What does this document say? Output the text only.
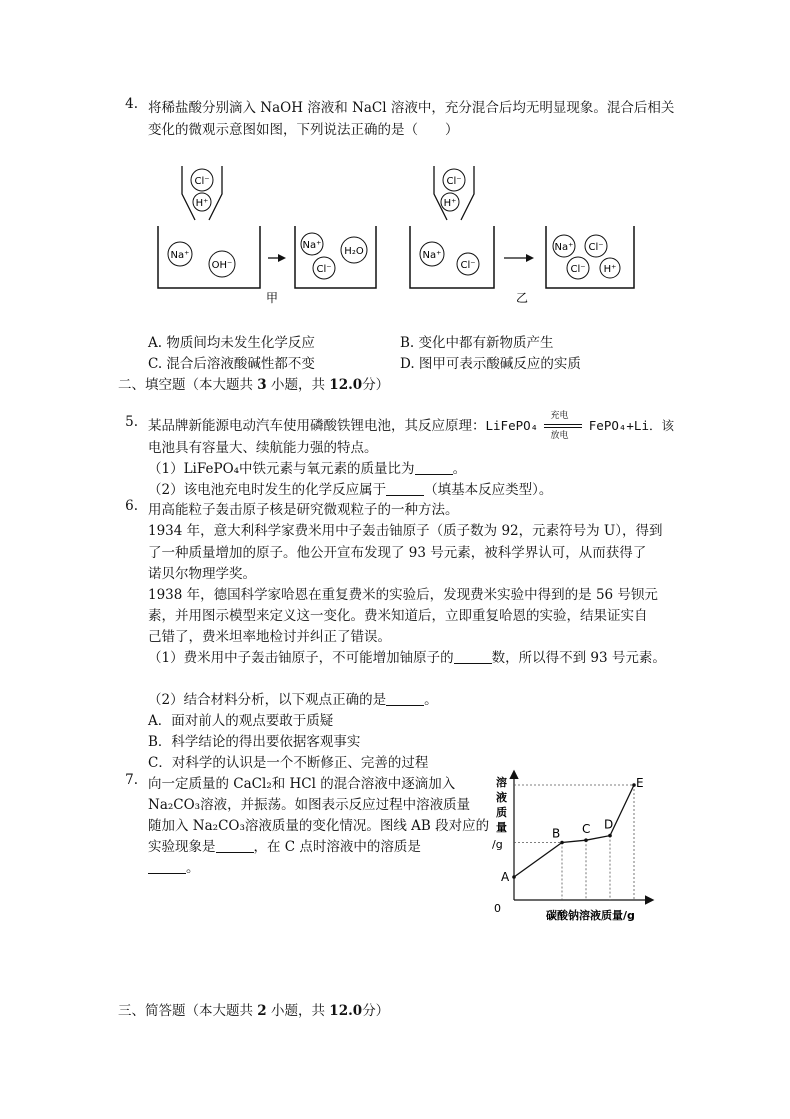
4. 将稀盐酸分别滴入 NaOH 溶液和 NaCl 溶液中，充分混合后均无明显现象。混合后相关
变化的微观示意图如图，下列说法正确的是（　　）
Cl⁻
H⁺
Na⁺
OH⁻
Na⁺
H₂O
Cl⁻
甲
Cl⁻
H⁺
Na⁺
Cl⁻
Na⁺ Cl⁻
Cl⁻ H⁺
乙
A. 物质间均未发生化学反应	B. 变化中都有新物质产生
C. 混合后溶液酸碱性都不变	D. 图甲可表示酸碱反应的实质
二、填空题（本大题共 3 小题，共 12.0分）
5. 某品牌新能源电动汽车使用磷酸铁锂电池，其反应原理：LiFePO₄
充电
放电
FePO₄+Li．该
电池具有容量大、续航能力强的特点。
（1）LiFePO₄中铁元素与氧元素的质量比为	。
（2）该电池充电时发生的化学反应属于	（填基本反应类型）。
6. 用高能粒子轰击原子核是研究微观粒子的一种方法。
1934 年，意大利科学家费米用中子轰击铀原子（质子数为 92，元素符号为 U），得到
了一种质量增加的原子。他公开宣布发现了 93 号元素，被科学界认可，从而获得了
诺贝尔物理学奖。
1938 年，德国科学家哈恩在重复费米的实验后，发现费米实验中得到的是 56 号钡元
素，并用图示模型来定义这一变化。费米知道后，立即重复哈恩的实验，结果证实自
己错了，费米坦率地检讨并纠正了错误。
（1）费米用中子轰击铀原子，不可能增加铀原子的	数，所以得不到 93 号元素。
（2）结合材料分析，以下观点正确的是	。
A．面对前人的观点要敢于质疑
B．科学结论的得出要依据客观事实
C．对科学的认识是一个不断修正、完善的过程
7. 向一定质量的 CaCl₂和 HCl 的混合溶液中逐滴加入
Na₂CO₃溶液，并振荡。如图表示反应过程中溶液质量
随加入 Na₂CO₃溶液质量的变化情况。图线 AB 段对应的
实验现象是	，在 C 点时溶液中的溶质是
。
溶液质量/g
0
碳酸钠溶液质量/g
A
B C D
E
三、简答题（本大题共 2 小题，共 12.0分）
